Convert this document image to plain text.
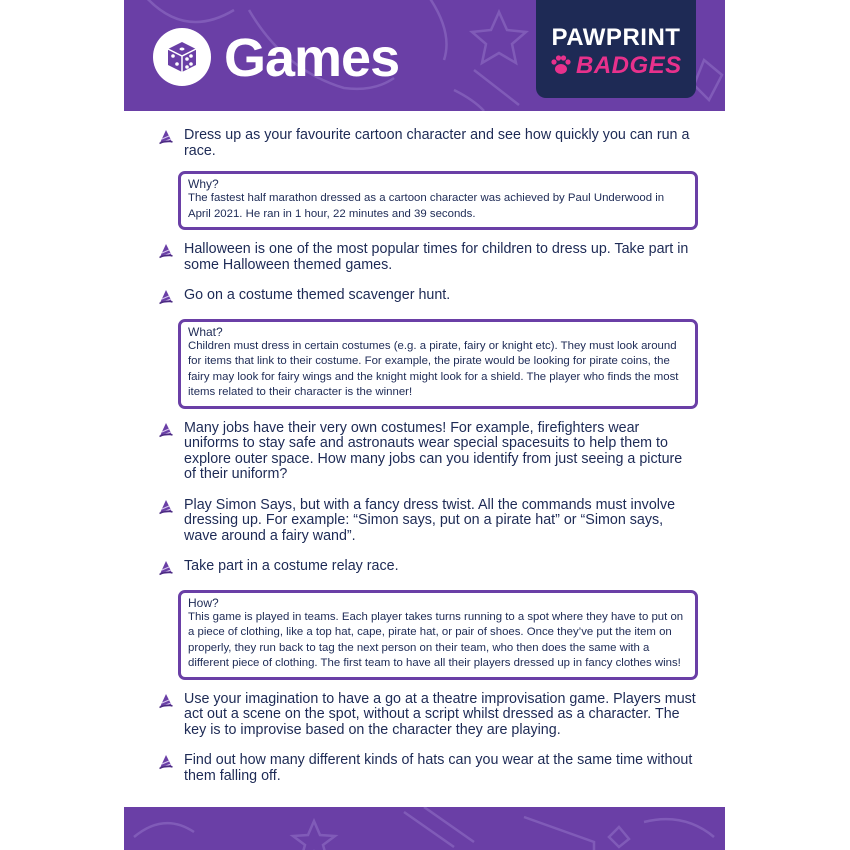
Games	PAWPRINT
BADGES
Dress up as your favourite cartoon character and see how quickly you can run a race.
Why?
The fastest half marathon dressed as a cartoon character was achieved by Paul Underwood in April 2021. He ran in 1 hour, 22 minutes and 39 seconds.
Halloween is one of the most popular times for children to dress up. Take part in some Halloween themed games.
Go on a costume themed scavenger hunt.
What?
Children must dress in certain costumes (e.g. a pirate, fairy or knight etc). They must look around for items that link to their costume. For example, the pirate would be looking for pirate coins, the fairy may look for fairy wings and the knight might look for a shield. The player who finds the most items related to their character is the winner!
Many jobs have their very own costumes! For example, firefighters wear uniforms to stay safe and astronauts wear special spacesuits to help them to explore outer space. How many jobs can you identify from just seeing a picture of their uniform?
Play Simon Says, but with a fancy dress twist. All the commands must involve dressing up. For example: “Simon says, put on a pirate hat” or “Simon says, wave around a fairy wand”.
Take part in a costume relay race.
How?
This game is played in teams. Each player takes turns running to a spot where they have to put on a piece of clothing, like a top hat, cape, pirate hat, or pair of shoes. Once they’ve put the item on properly, they run back to tag the next person on their team, who then does the same with a different piece of clothing. The first team to have all their players dressed up in fancy clothes wins!
Use your imagination to have a go at a theatre improvisation game. Players must act out a scene on the spot, without a script whilst dressed as a character. The key is to improvise based on the character they are playing.
Find out how many different kinds of hats can you wear at the same time without them falling off.
